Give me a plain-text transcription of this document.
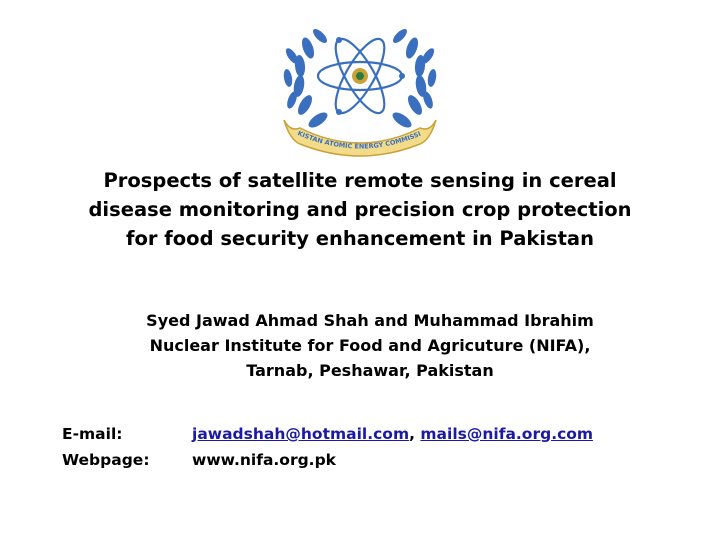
KISTAN ATOMIC ENERGY COMMISSI
Prospects of satellite remote sensing in cereal
disease monitoring and precision crop protection
for food security enhancement in Pakistan
Syed Jawad Ahmad Shah and Muhammad Ibrahim
Nuclear Institute for Food and Agricuture (NIFA),
Tarnab, Peshawar, Pakistan
E-mail:	jawadshah@hotmail.com, mails@nifa.org.com
Webpage:	www.nifa.org.pk
